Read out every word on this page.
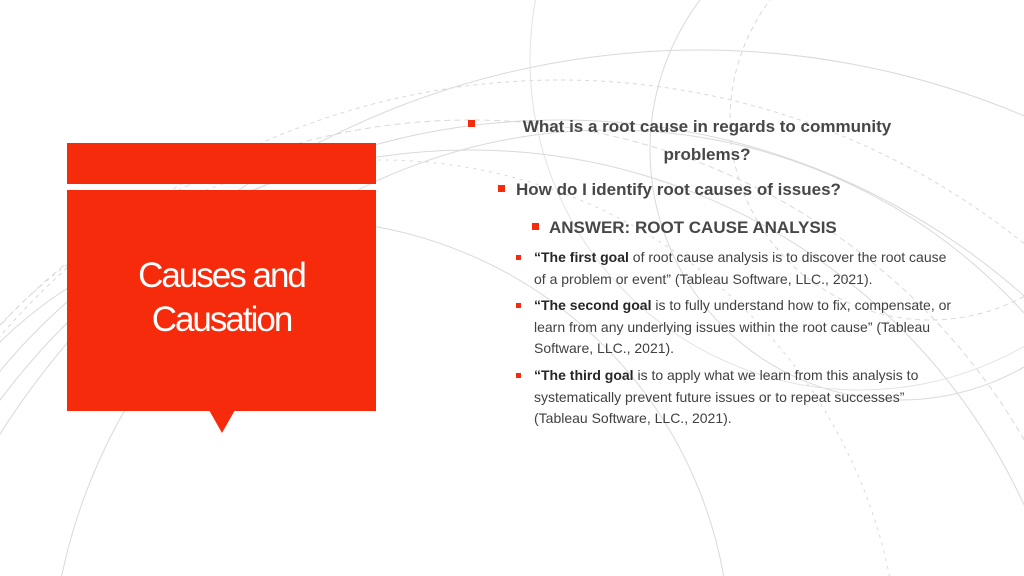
Causes and
Causation

What is a root cause in regards to community problems?

How do I identify root causes of issues?

ANSWER: ROOT CAUSE ANALYSIS

“The first goal of root cause analysis is to discover the root cause of a problem or event” (Tableau Software, LLC., 2021).

“The second goal is to fully understand how to fix, compensate, or learn from any underlying issues within the root cause” (Tableau Software, LLC., 2021).

“The third goal is to apply what we learn from this analysis to systematically prevent future issues or to repeat successes” (Tableau Software, LLC., 2021).
